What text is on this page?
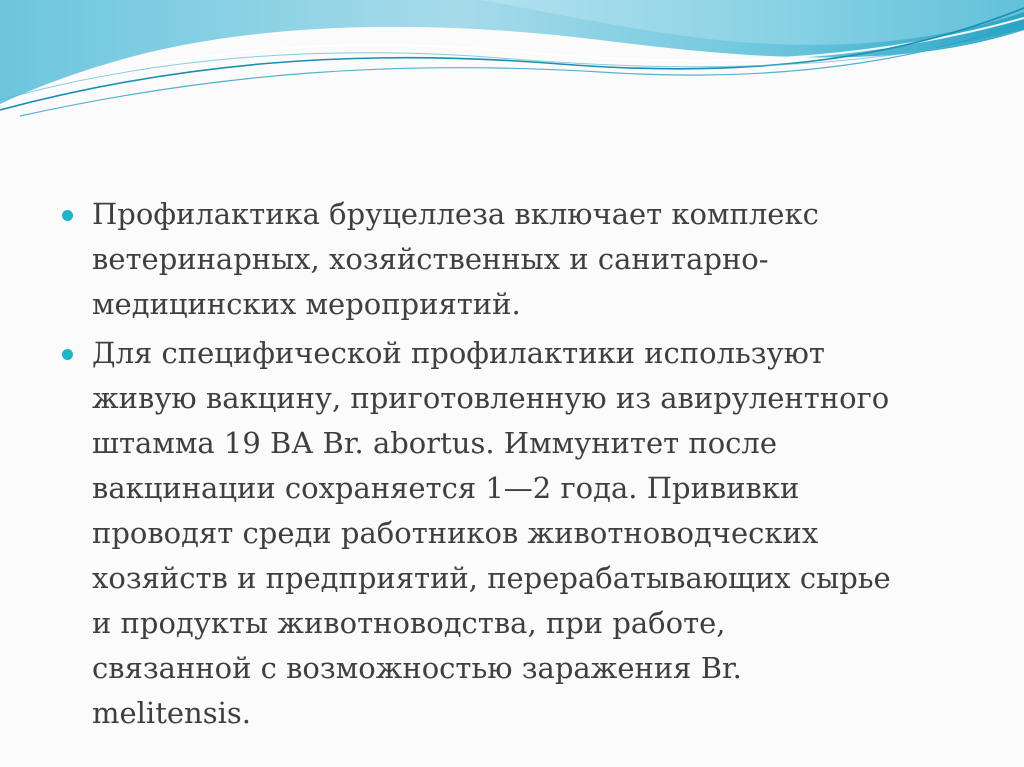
Профилактика бруцеллеза включает комплекс
ветеринарных, хозяйственных и санитарно-
медицинских мероприятий.
Для специфической профилактики используют
живую вакцину, приготовленную из авирулентного
штамма 19 ВА Br. abortus. Иммунитет после
вакцинации сохраняется 1—2 года. Прививки
проводят среди работников животноводческих
хозяйств и предприятий, перерабатывающих сырье
и продукты животноводства, при работе,
связанной с возможностью заражения Br.
melitensis.
